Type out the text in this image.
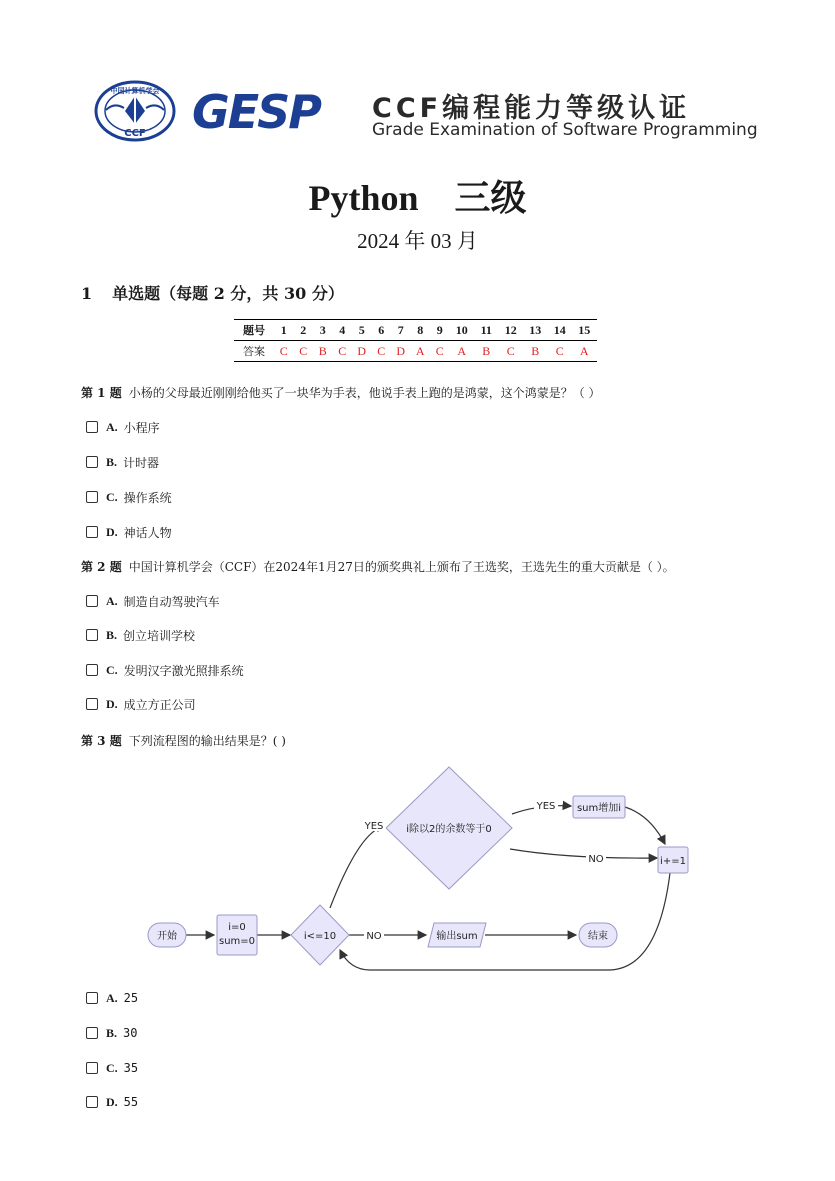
中国计算机学会
CCF GESP CCF编程能力等级认证
Grade Examination of Software Programming
Python    三级
2024 年 03 月
1 单选题（每题 2 分，共 30 分）
题号	1	2	3	4	5	6	7	8	9	10	11	12	13	14	15
答案	C	C	B	C	D	C	D	A	C	A	B	C	B	C	A
第 1 题 小杨的父母最近刚刚给他买了一块华为手表，他说手表上跑的是鸿蒙，这个鸿蒙是？（ ）
A. 小程序
B. 计时器
C. 操作系统
D. 神话人物
第 2 题 中国计算机学会（CCF）在2024年1月27日的颁奖典礼上颁布了王选奖，王选先生的重大贡献是（ ）。
A. 制造自动驾驶汽车
B. 创立培训学校
C. 发明汉字激光照排系统
D. 成立方正公司
第 3 题 下列流程图的输出结果是？( )
开始
i=0
sum=0	i<=10
i除以2的余数等于0
sum增加i
i+=1
输出sum	结束
YES
YES
NO
NO
A. 25
B. 30
C. 35
D. 55
